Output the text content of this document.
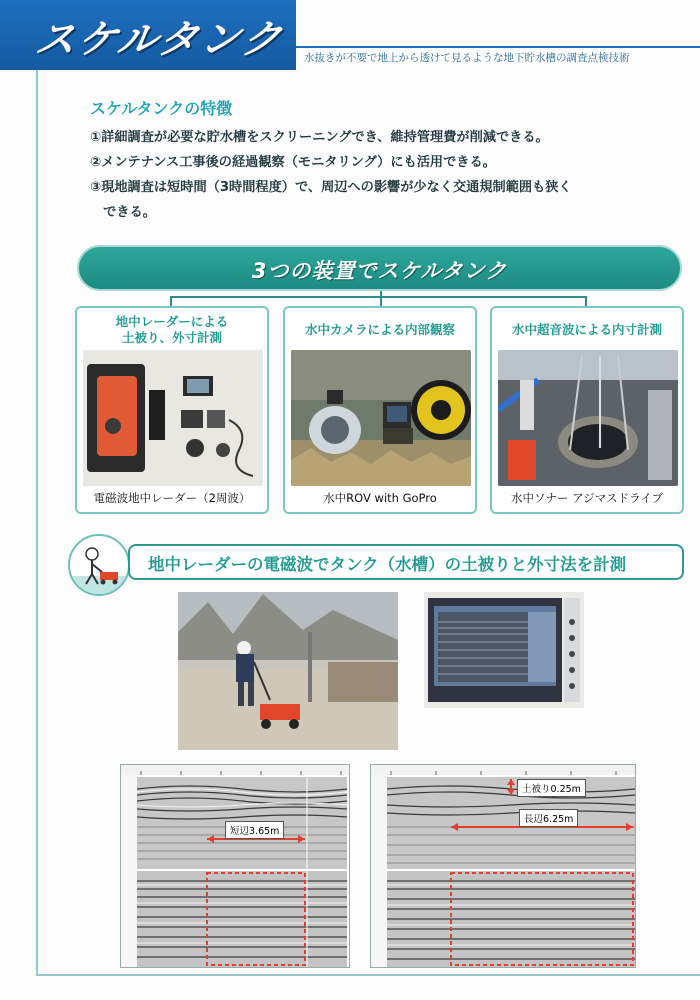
スケルタンク 水抜きが不要で地上から透けて見るような地下貯水槽の調査点検技術
スケルタンクの特徴
①詳細調査が必要な貯水槽をスクリーニングでき、維持管理費が削減できる。
②メンテナンス工事後の経過観察（モニタリング）にも活用できる。
③現地調査は短時間（3時間程度）で、周辺への影響が少なく交通規制範囲も狭く
　できる。
3つの装置でスケルタンク
地中レーダーによる
土被り、外寸計測
電磁波地中レーダー（2周波）
水中カメラによる内部観察
水中ROV with GoPro
水中超音波による内寸計測
水中ソナー アジマスドライブ
地中レーダーの電磁波でタンク（水槽）の土被りと外寸法を計測
短辺3.65m
土被り0.25m
長辺6.25m
